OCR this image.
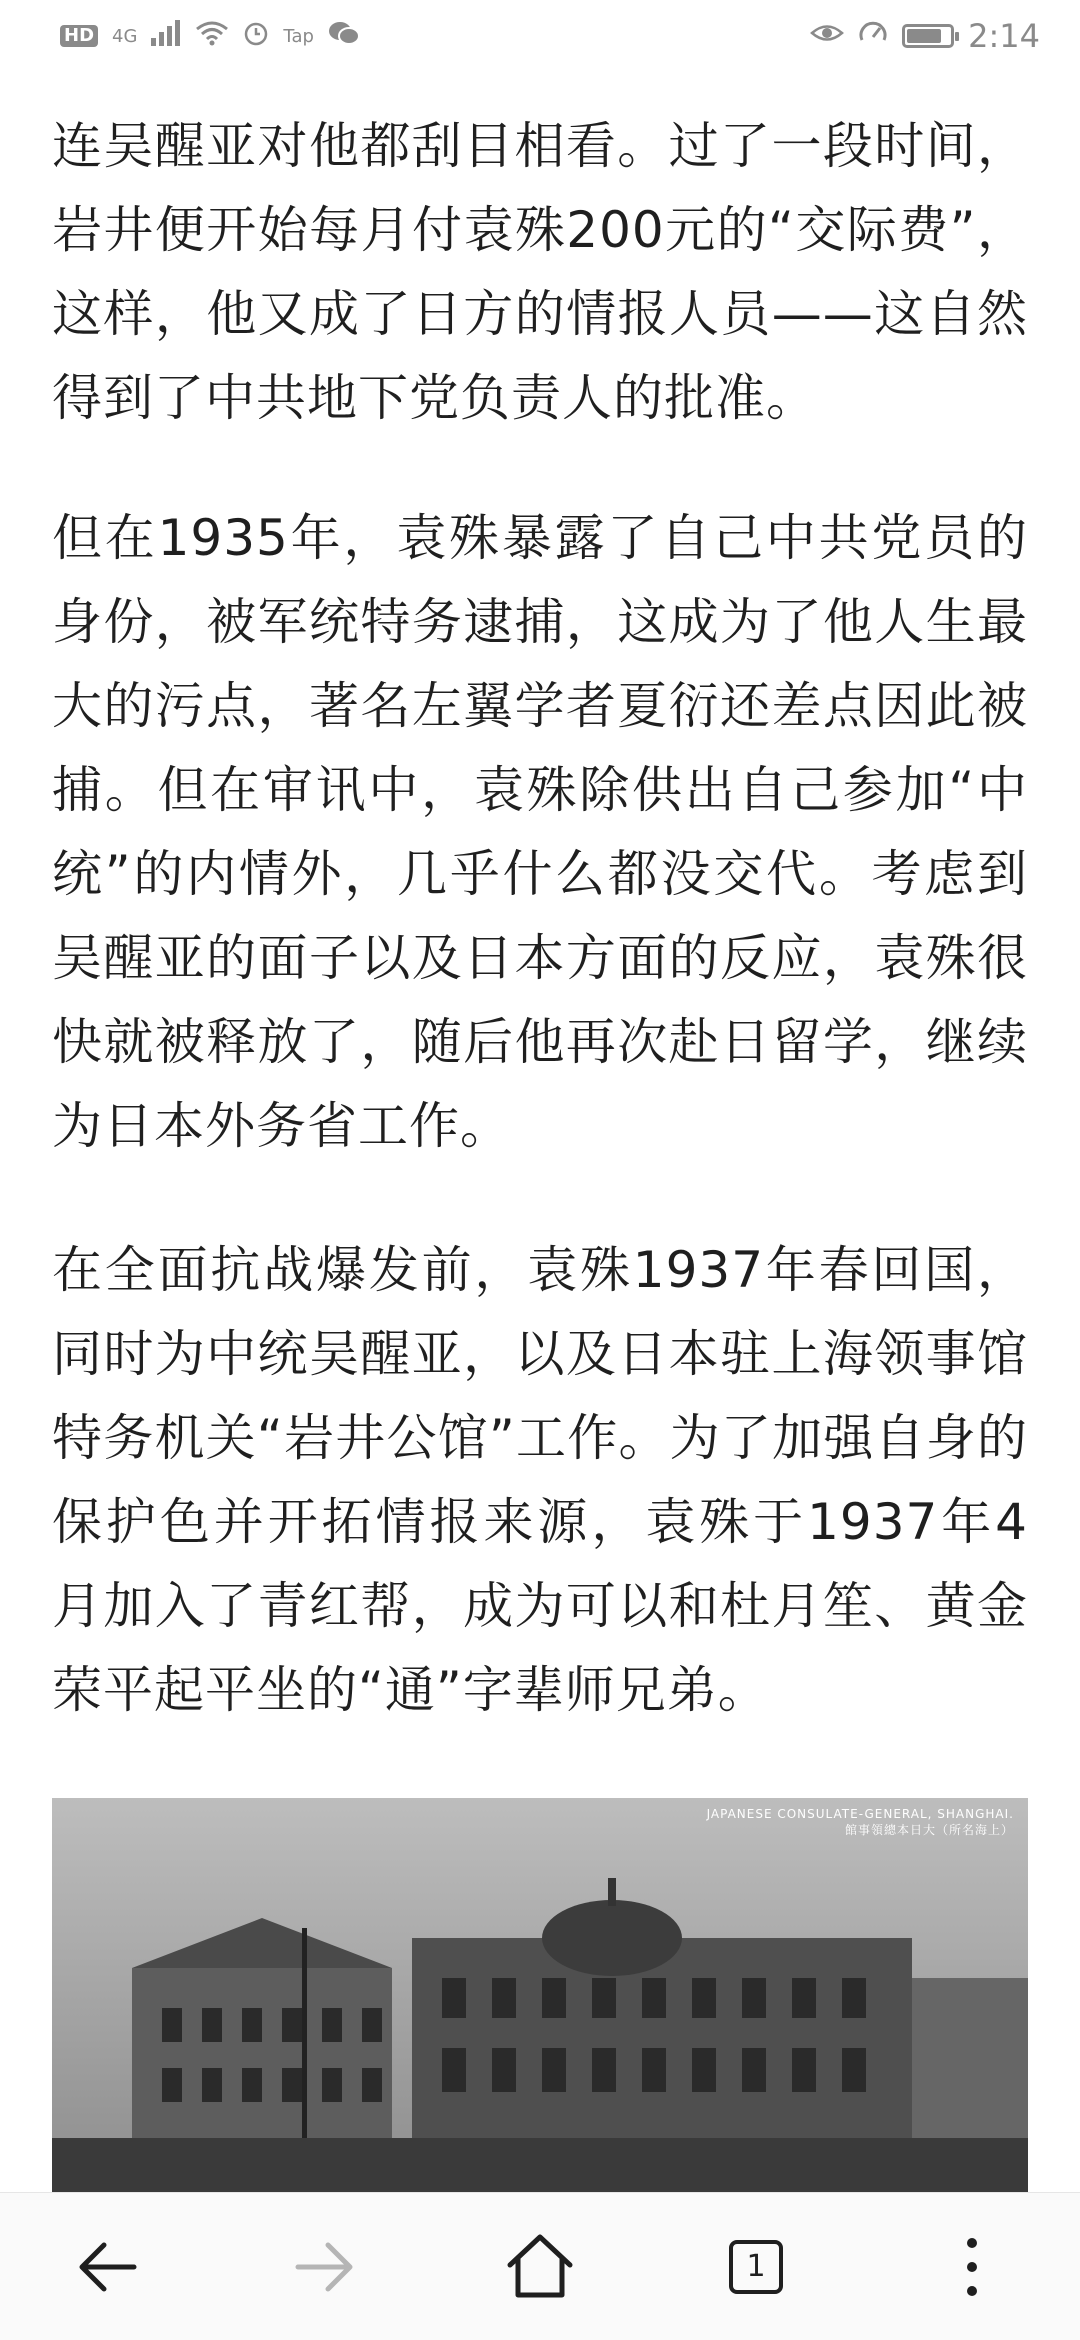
HD 4G	Tap	2:14

连吴醒亚对他都刮目相看。过了一段时间，岩井便开始每月付袁殊200元的“交际费”，这样，他又成了日方的情报人员——这自然得到了中共地下党负责人的批准。

但在1935年，袁殊暴露了自己中共党员的身份，被军统特务逮捕，这成为了他人生最大的污点，著名左翼学者夏衍还差点因此被捕。但在审讯中，袁殊除供出自己参加“中统”的内情外，几乎什么都没交代。考虑到吴醒亚的面子以及日本方面的反应，袁殊很快就被释放了，随后他再次赴日留学，继续为日本外务省工作。

在全面抗战爆发前，袁殊1937年春回国，同时为中统吴醒亚，以及日本驻上海领事馆特务机关“岩井公馆”工作。为了加强自身的保护色并开拓情报来源，袁殊于1937年4月加入了青红帮，成为可以和杜月笙、黄金荣平起平坐的“通”字辈师兄弟。

JAPANESE CONSULATE-GENERAL, SHANGHAI.
館事領總本日大（所名海上）
1
